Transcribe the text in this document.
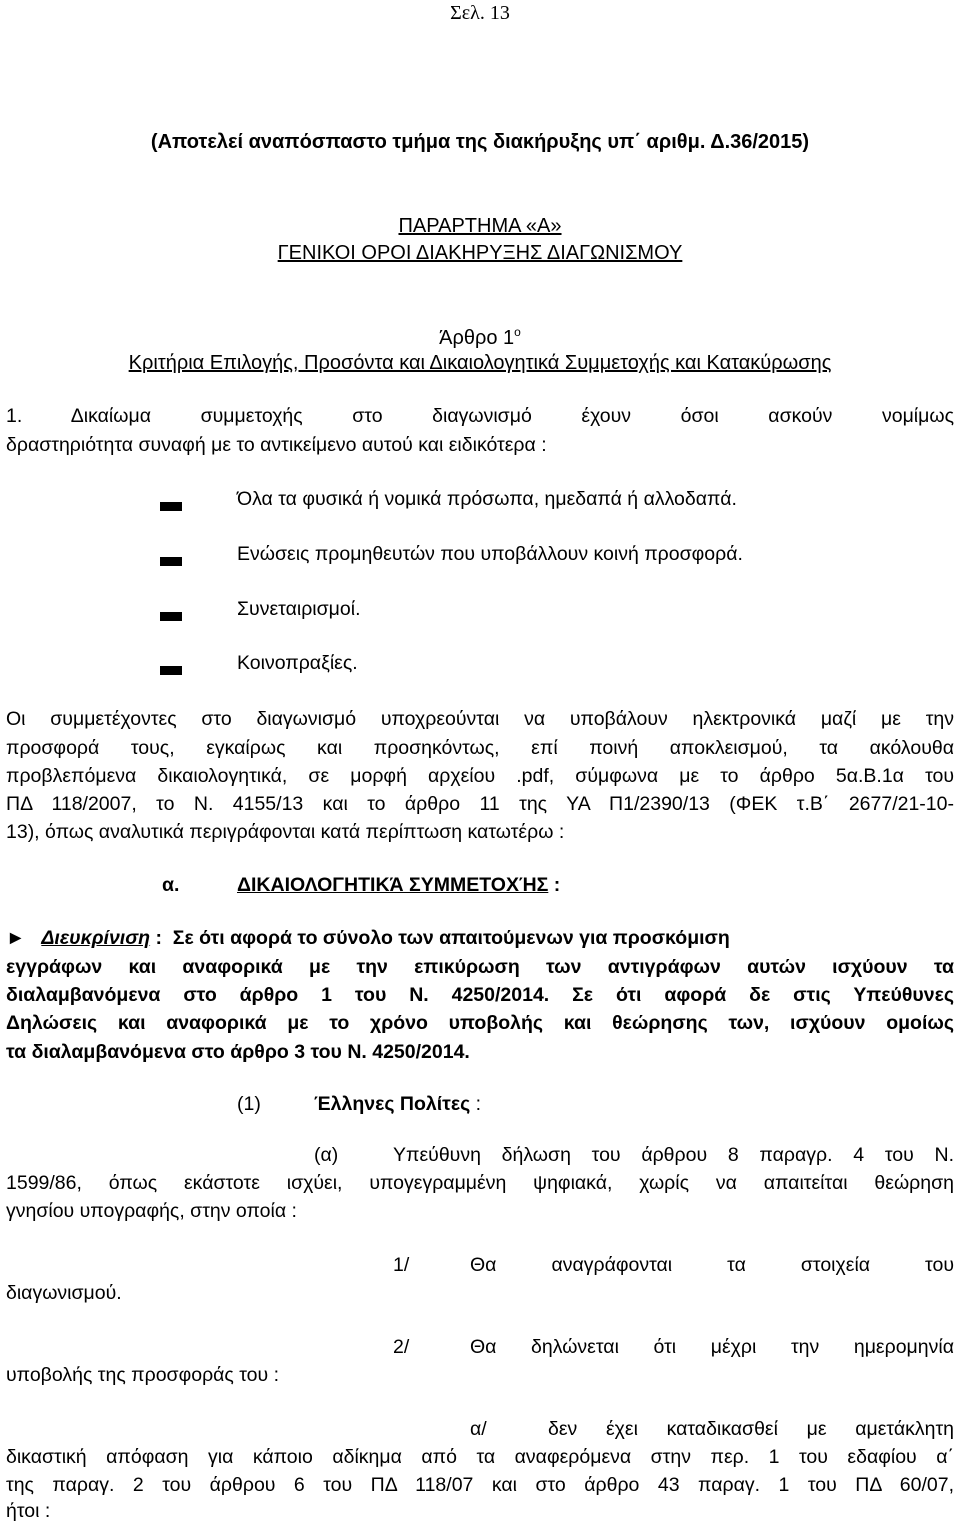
Σελ. 13
(Αποτελεί αναπόσπαστο τμήμα της διακήρυξης υπ΄ αριθμ. Δ.36/2015)
ΠΑΡΑΡΤΗΜΑ «Α»
ΓΕΝΙΚΟΙ ΟΡΟΙ ΔΙΑΚΗΡΥΞΗΣ ΔΙΑΓΩΝΙΣΜΟΥ
Άρθρο $1^o$
Κριτήρια Επιλογής, Προσόντα και Δικαιολογητικά Συμμετοχής και Κατακύρωσης
1. Δικαίωμα συμμετοχής στο διαγωνισμό έχουν όσοι ασκούν νομίμως
δραστηριότητα συναφή με το αντικείμενο αυτού και ειδικότερα :
Όλα τα φυσικά ή νομικά πρόσωπα, ημεδαπά ή αλλοδαπά.
Ενώσεις προμηθευτών που υποβάλλουν κοινή προσφορά.
Συνεταιρισμοί.
Κοινοπραξίες.
Οι συμμετέχοντες στο διαγωνισμό υποχρεούνται να υποβάλουν ηλεκτρονικά μαζί με την
προσφορά τους, εγκαίρως και προσηκόντως, επί ποινή αποκλεισμού, τα ακόλουθα
προβλεπόμενα δικαιολογητικά, σε μορφή αρχείου .pdf, σύμφωνα με το άρθρο 5α.Β.1α του
ΠΔ 118/2007, το Ν. 4155/13 και το άρθρο 11 της ΥΑ Π1/2390/13 (ΦΕΚ τ.Β΄ 2677/21-10-
13), όπως αναλυτικά περιγράφονται κατά περίπτωση κατωτέρω :
α.	ΔΙΚΑΙΟΛΟΓΗΤΙΚΆ ΣΥΜΜΕΤΟΧΉΣ :
► Διευκρίνιση :  Σε ότι αφορά το σύνολο των απαιτούμενων για προσκόμιση
εγγράφων και αναφορικά με την επικύρωση των αντιγράφων αυτών ισχύουν τα
διαλαμβανόμενα στο άρθρο 1 του Ν. 4250/2014. Σε ότι αφορά δε στις Υπεύθυνες
Δηλώσεις και αναφορικά με το χρόνο υποβολής και θεώρησης των, ισχύουν ομοίως
τα διαλαμβανόμενα στο άρθρο 3 του Ν. 4250/2014.
(1)	Έλληνες Πολίτες :
(α)	Υπεύθυνη δήλωση του άρθρου 8 παραγρ. 4 του Ν.
1599/86, όπως εκάστοτε ισχύει, υπογεγραμμένη ψηφιακά, χωρίς να απαιτείται θεώρηση
γνησίου υπογραφής, στην οποία :
1/	Θα   αναγράφονται   τα   στοιχεία   του
διαγωνισμού.
2/	Θα   δηλώνεται   ότι   μέχρι   την   ημερομηνία
υποβολής της προσφοράς του :
α/	δεν   έχει   καταδικασθεί   με   αμετάκλητη
δικαστική απόφαση για κάποιο αδίκημα από τα αναφερόμενα στην περ. 1 του εδαφίου α΄
της παραγ. 2 του άρθρου 6 του ΠΔ 118/07 και στο άρθρο 43 παραγ. 1 του ΠΔ 60/07,
ήτοι :
